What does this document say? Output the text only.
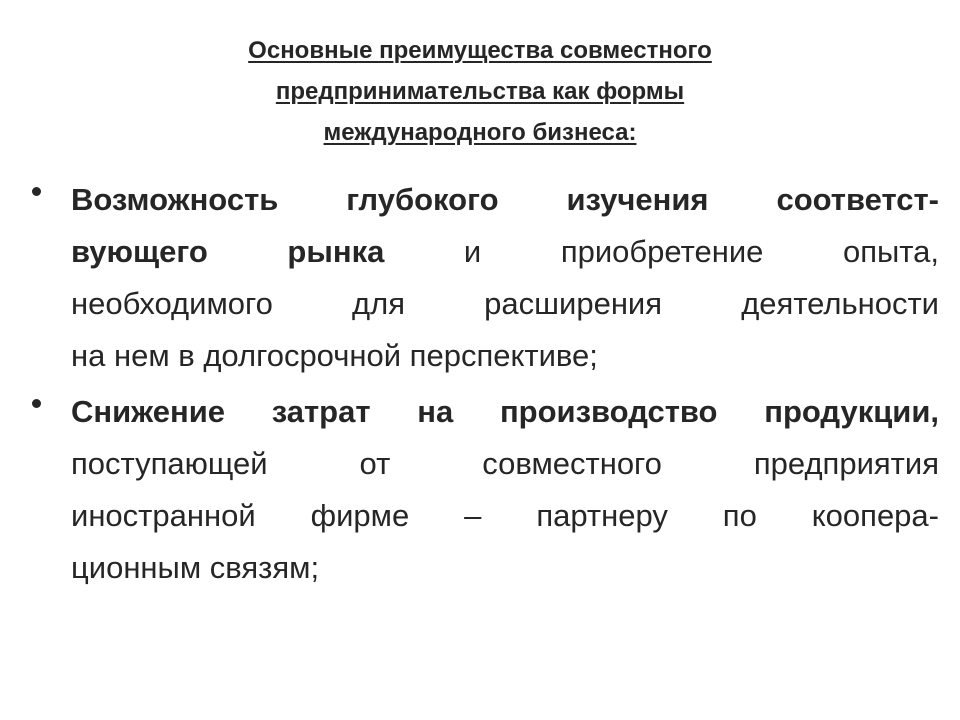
Основные преимущества совместного
предпринимательства как формы
международного бизнеса:
Возможность глубокого изучения соответст-
вующего рынка и приобретение опыта,
необходимого для расширения деятельности
на нем в долгосрочной перспективе;
Снижение затрат на производство продукции,
поступающей от совместного предприятия
иностранной фирме – партнеру по коопера-
ционным связям;
